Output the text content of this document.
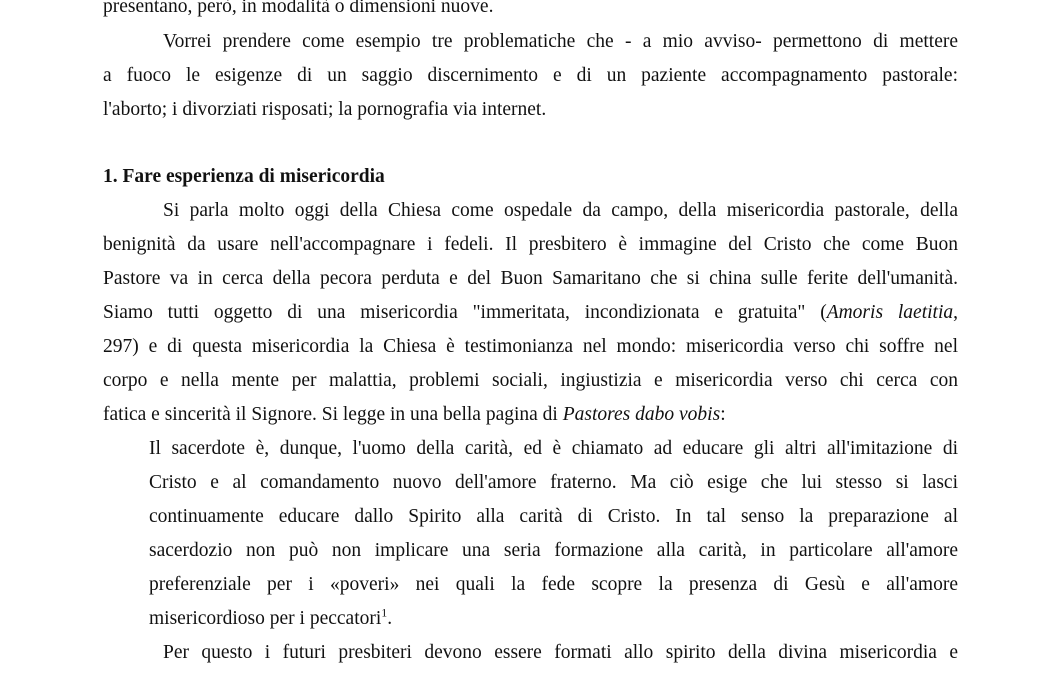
presentano, però, in modalità o dimensioni nuove.
Vorrei prendere come esempio tre problematiche che - a mio avviso- permettono di mettere
a fuoco le esigenze di un saggio discernimento e di un paziente accompagnamento pastorale:
l'aborto; i divorziati risposati; la pornografia via internet.
1. Fare esperienza di misericordia
Si parla molto oggi della Chiesa come ospedale da campo, della misericordia pastorale, della
benignità da usare nell'accompagnare i fedeli. Il presbitero è immagine del Cristo che come Buon
Pastore va in cerca della pecora perduta e del Buon Samaritano che si china sulle ferite dell'umanità.
Siamo tutti oggetto di una misericordia "immeritata, incondizionata e gratuita" (Amoris laetitia,
297) e di questa misericordia la Chiesa è testimonianza nel mondo: misericordia verso chi soffre nel
corpo e nella mente per malattia, problemi sociali, ingiustizia e misericordia verso chi cerca con
fatica e sincerità il Signore. Si legge in una bella pagina di Pastores dabo vobis:
Il sacerdote è, dunque, l'uomo della carità, ed è chiamato ad educare gli altri all'imitazione di
Cristo e al comandamento nuovo dell'amore fraterno. Ma ciò esige che lui stesso si lasci
continuamente educare dallo Spirito alla carità di Cristo. In tal senso la preparazione al
sacerdozio non può non implicare una seria formazione alla carità, in particolare all'amore
preferenziale per i «poveri» nei quali la fede scopre la presenza di Gesù e all'amore
misericordioso per i peccatori$^1$.
Per questo i futuri presbiteri devono essere formati allo spirito della divina misericordia e
